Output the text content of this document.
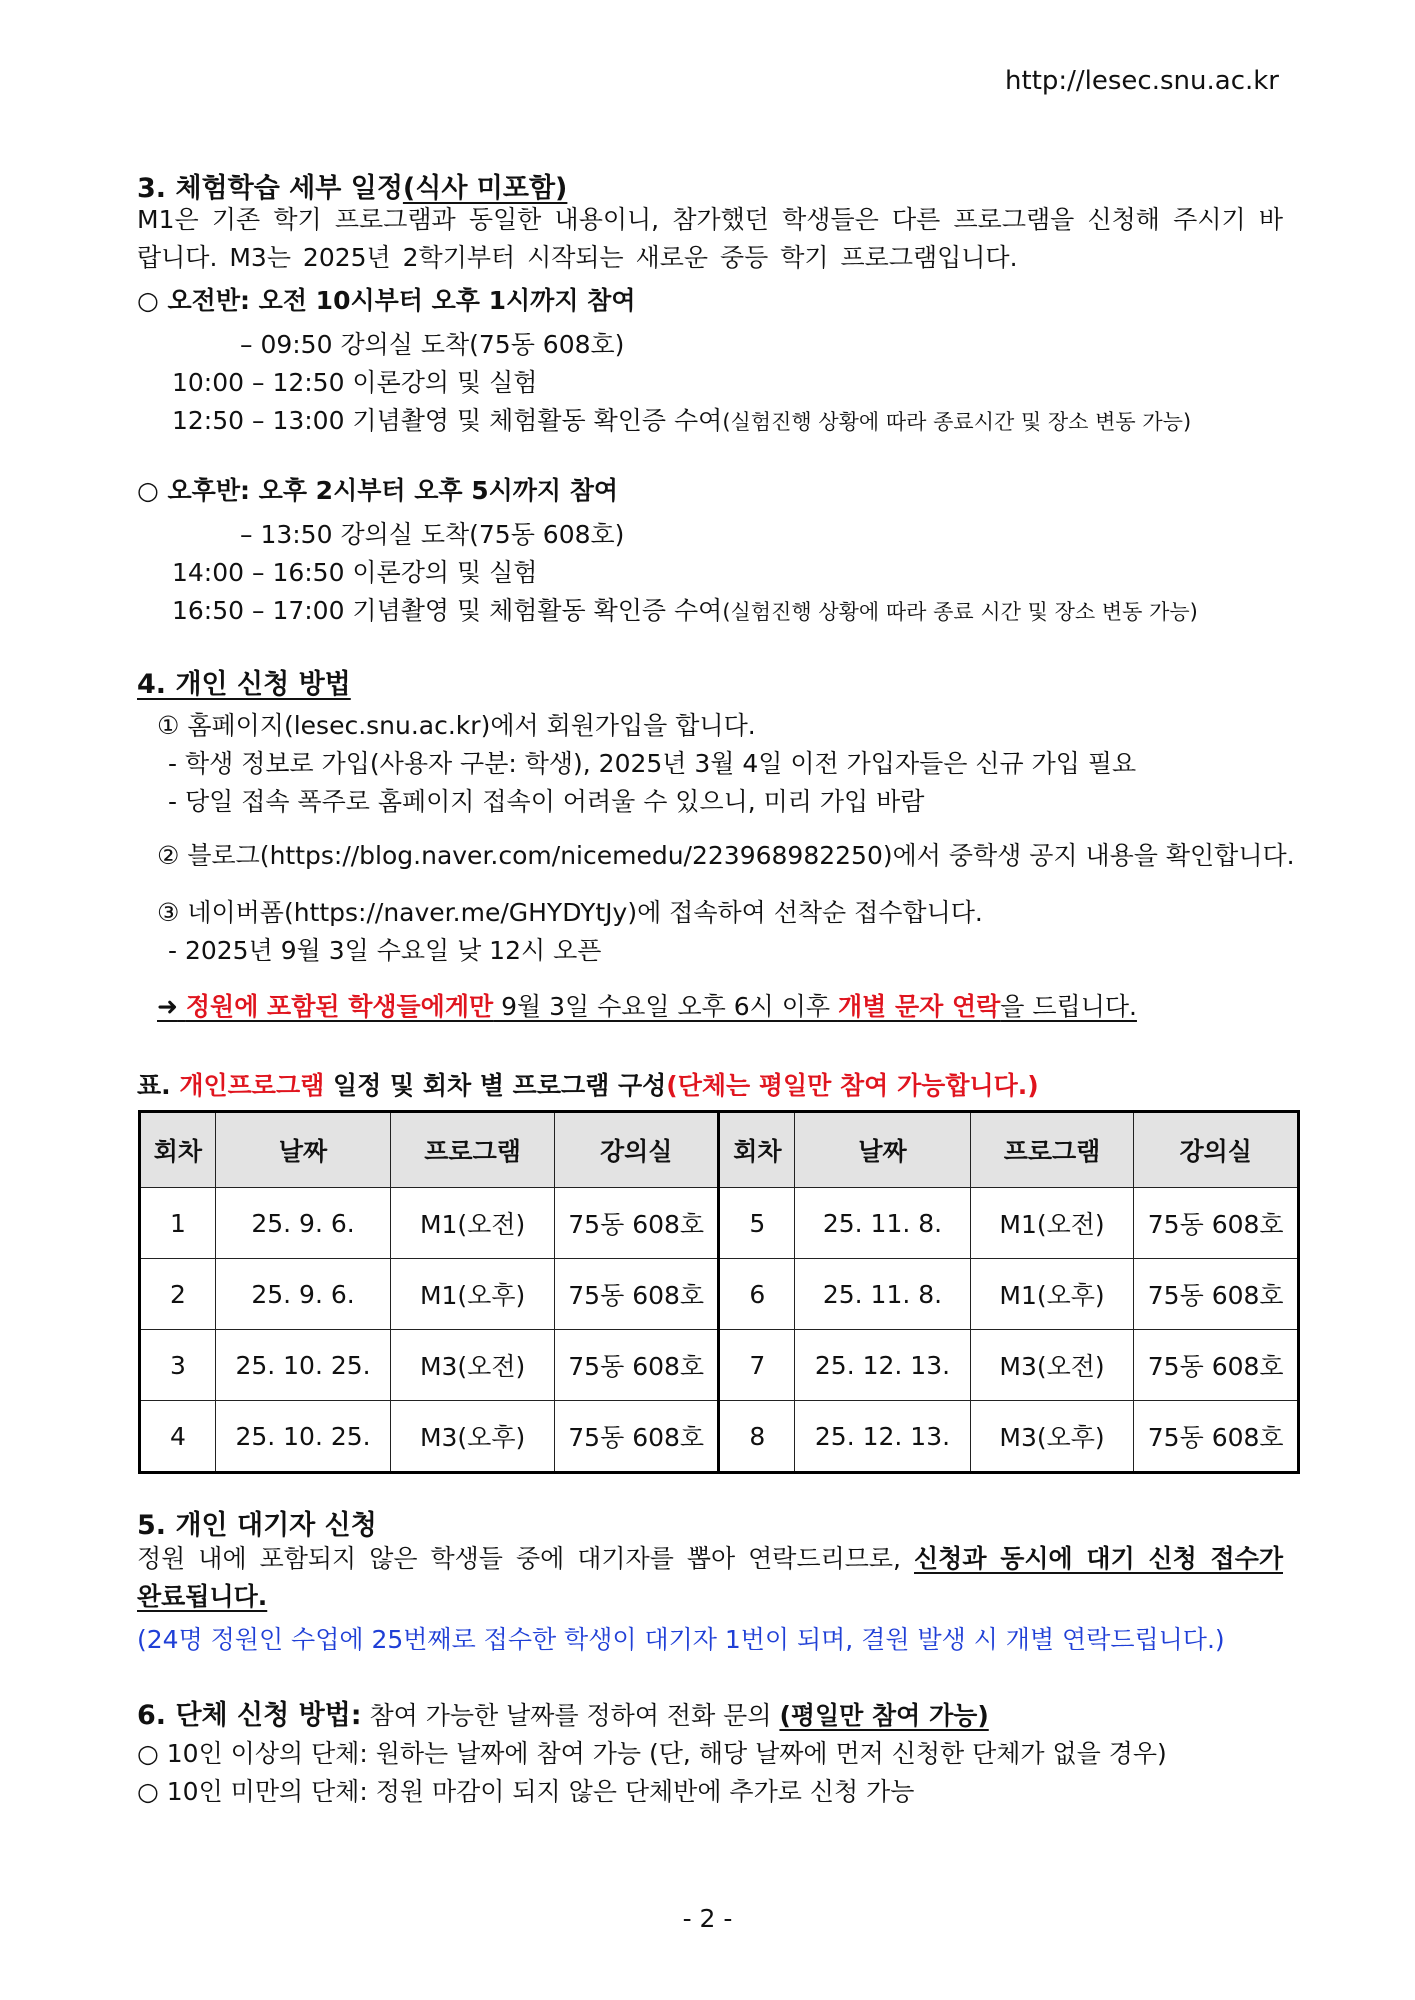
http://lesec.snu.ac.kr
3. 체험학습 세부 일정(식사 미포함)
M1은 기존 학기 프로그램과 동일한 내용이니, 참가했던 학생들은 다른 프로그램을 신청해 주시기 바랍니다. M3는 2025년 2학기부터 시작되는 새로운 중등 학기 프로그램입니다.
○ 오전반: 오전 10시부터 오후 1시까지 참여
– 09:50 강의실 도착(75동 608호)
10:00 – 12:50 이론강의 및 실험
12:50 – 13:00 기념촬영 및 체험활동 확인증 수여(실험진행 상황에 따라 종료시간 및 장소 변동 가능)
○ 오후반: 오후 2시부터 오후 5시까지 참여
– 13:50 강의실 도착(75동 608호)
14:00 – 16:50 이론강의 및 실험
16:50 – 17:00 기념촬영 및 체험활동 확인증 수여(실험진행 상황에 따라 종료 시간 및 장소 변동 가능)
4. 개인 신청 방법
① 홈페이지(lesec.snu.ac.kr)에서 회원가입을 합니다.
- 학생 정보로 가입(사용자 구분: 학생), 2025년 3월 4일 이전 가입자들은 신규 가입 필요
- 당일 접속 폭주로 홈페이지 접속이 어려울 수 있으니, 미리 가입 바람
② 블로그(https://blog.naver.com/nicemedu/223968982250)에서 중학생 공지 내용을 확인합니다.
③ 네이버폼(https://naver.me/GHYDYtJy)에 접속하여 선착순 접수합니다.
- 2025년 9월 3일 수요일 낮 12시 오픈
➜ 정원에 포함된 학생들에게만 9월 3일 수요일 오후 6시 이후 개별 문자 연락을 드립니다.
표. 개인프로그램 일정 및 회차 별 프로그램 구성(단체는 평일만 참여 가능합니다.)
회차	날짜	프로그램	강의실	회차	날짜	프로그램	강의실
1	25. 9. 6.	M1(오전)	75동 608호	5	25. 11. 8.	M1(오전)	75동 608호
2	25. 9. 6.	M1(오후)	75동 608호	6	25. 11. 8.	M1(오후)	75동 608호
3	25. 10. 25.	M3(오전)	75동 608호	7	25. 12. 13.	M3(오전)	75동 608호
4	25. 10. 25.	M3(오후)	75동 608호	8	25. 12. 13.	M3(오후)	75동 608호
5. 개인 대기자 신청
정원 내에 포함되지 않은 학생들 중에 대기자를 뽑아 연락드리므로, 신청과 동시에 대기 신청 접수가 완료됩니다.
(24명 정원인 수업에 25번째로 접수한 학생이 대기자 1번이 되며, 결원 발생 시 개별 연락드립니다.)
6. 단체 신청 방법: 참여 가능한 날짜를 정하여 전화 문의 (평일만 참여 가능)
○ 10인 이상의 단체: 원하는 날짜에 참여 가능 (단, 해당 날짜에 먼저 신청한 단체가 없을 경우)
○ 10인 미만의 단체: 정원 마감이 되지 않은 단체반에 추가로 신청 가능
- 2 -
